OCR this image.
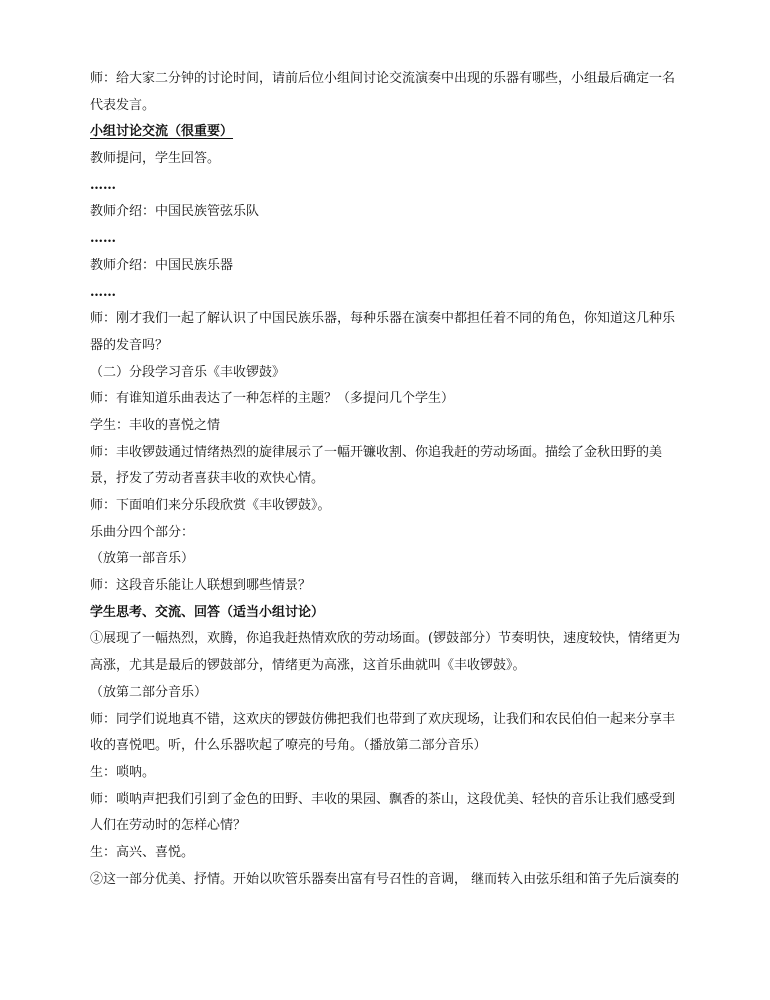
师：给大家二分钟的讨论时间，请前后位小组间讨论交流演奏中出现的乐器有哪些，小组最后确定一名
代表发言。
小组讨论交流（很重要）
教师提问，学生回答。
……
教师介绍：中国民族管弦乐队
……
教师介绍：中国民族乐器
……
师：刚才我们一起了解认识了中国民族乐器，每种乐器在演奏中都担任着不同的角色，你知道这几种乐
器的发音吗？
（二）分段学习音乐《丰收锣鼓》
师：有谁知道乐曲表达了一种怎样的主题？（多提问几个学生）
学生：丰收的喜悦之情
师：丰收锣鼓通过情绪热烈的旋律展示了一幅开镰收割、你追我赶的劳动场面。描绘了金秋田野的美
景，抒发了劳动者喜获丰收的欢快心情。
师：下面咱们来分乐段欣赏《丰收锣鼓》。
乐曲分四个部分：
（放第一部音乐）
师：这段音乐能让人联想到哪些情景？
学生思考、交流、回答（适当小组讨论）
①展现了一幅热烈，欢腾，你追我赶热情欢欣的劳动场面。(锣鼓部分）节奏明快，速度较快，情绪更为
高涨，尤其是最后的锣鼓部分，情绪更为高涨，这首乐曲就叫《丰收锣鼓》。
（放第二部分音乐）
师：同学们说地真不错，这欢庆的锣鼓仿佛把我们也带到了欢庆现场，让我们和农民伯伯一起来分享丰
收的喜悦吧。听，什么乐器吹起了嘹亮的号角。（播放第二部分音乐）
生：唢呐。
师：唢呐声把我们引到了金色的田野、丰收的果园、飘香的茶山，这段优美、轻快的音乐让我们感受到
人们在劳动时的怎样心情？
生：高兴、喜悦。
②这一部分优美、抒情。开始以吹管乐器奏出富有号召性的音调， 继而转入由弦乐组和笛子先后演奏的
